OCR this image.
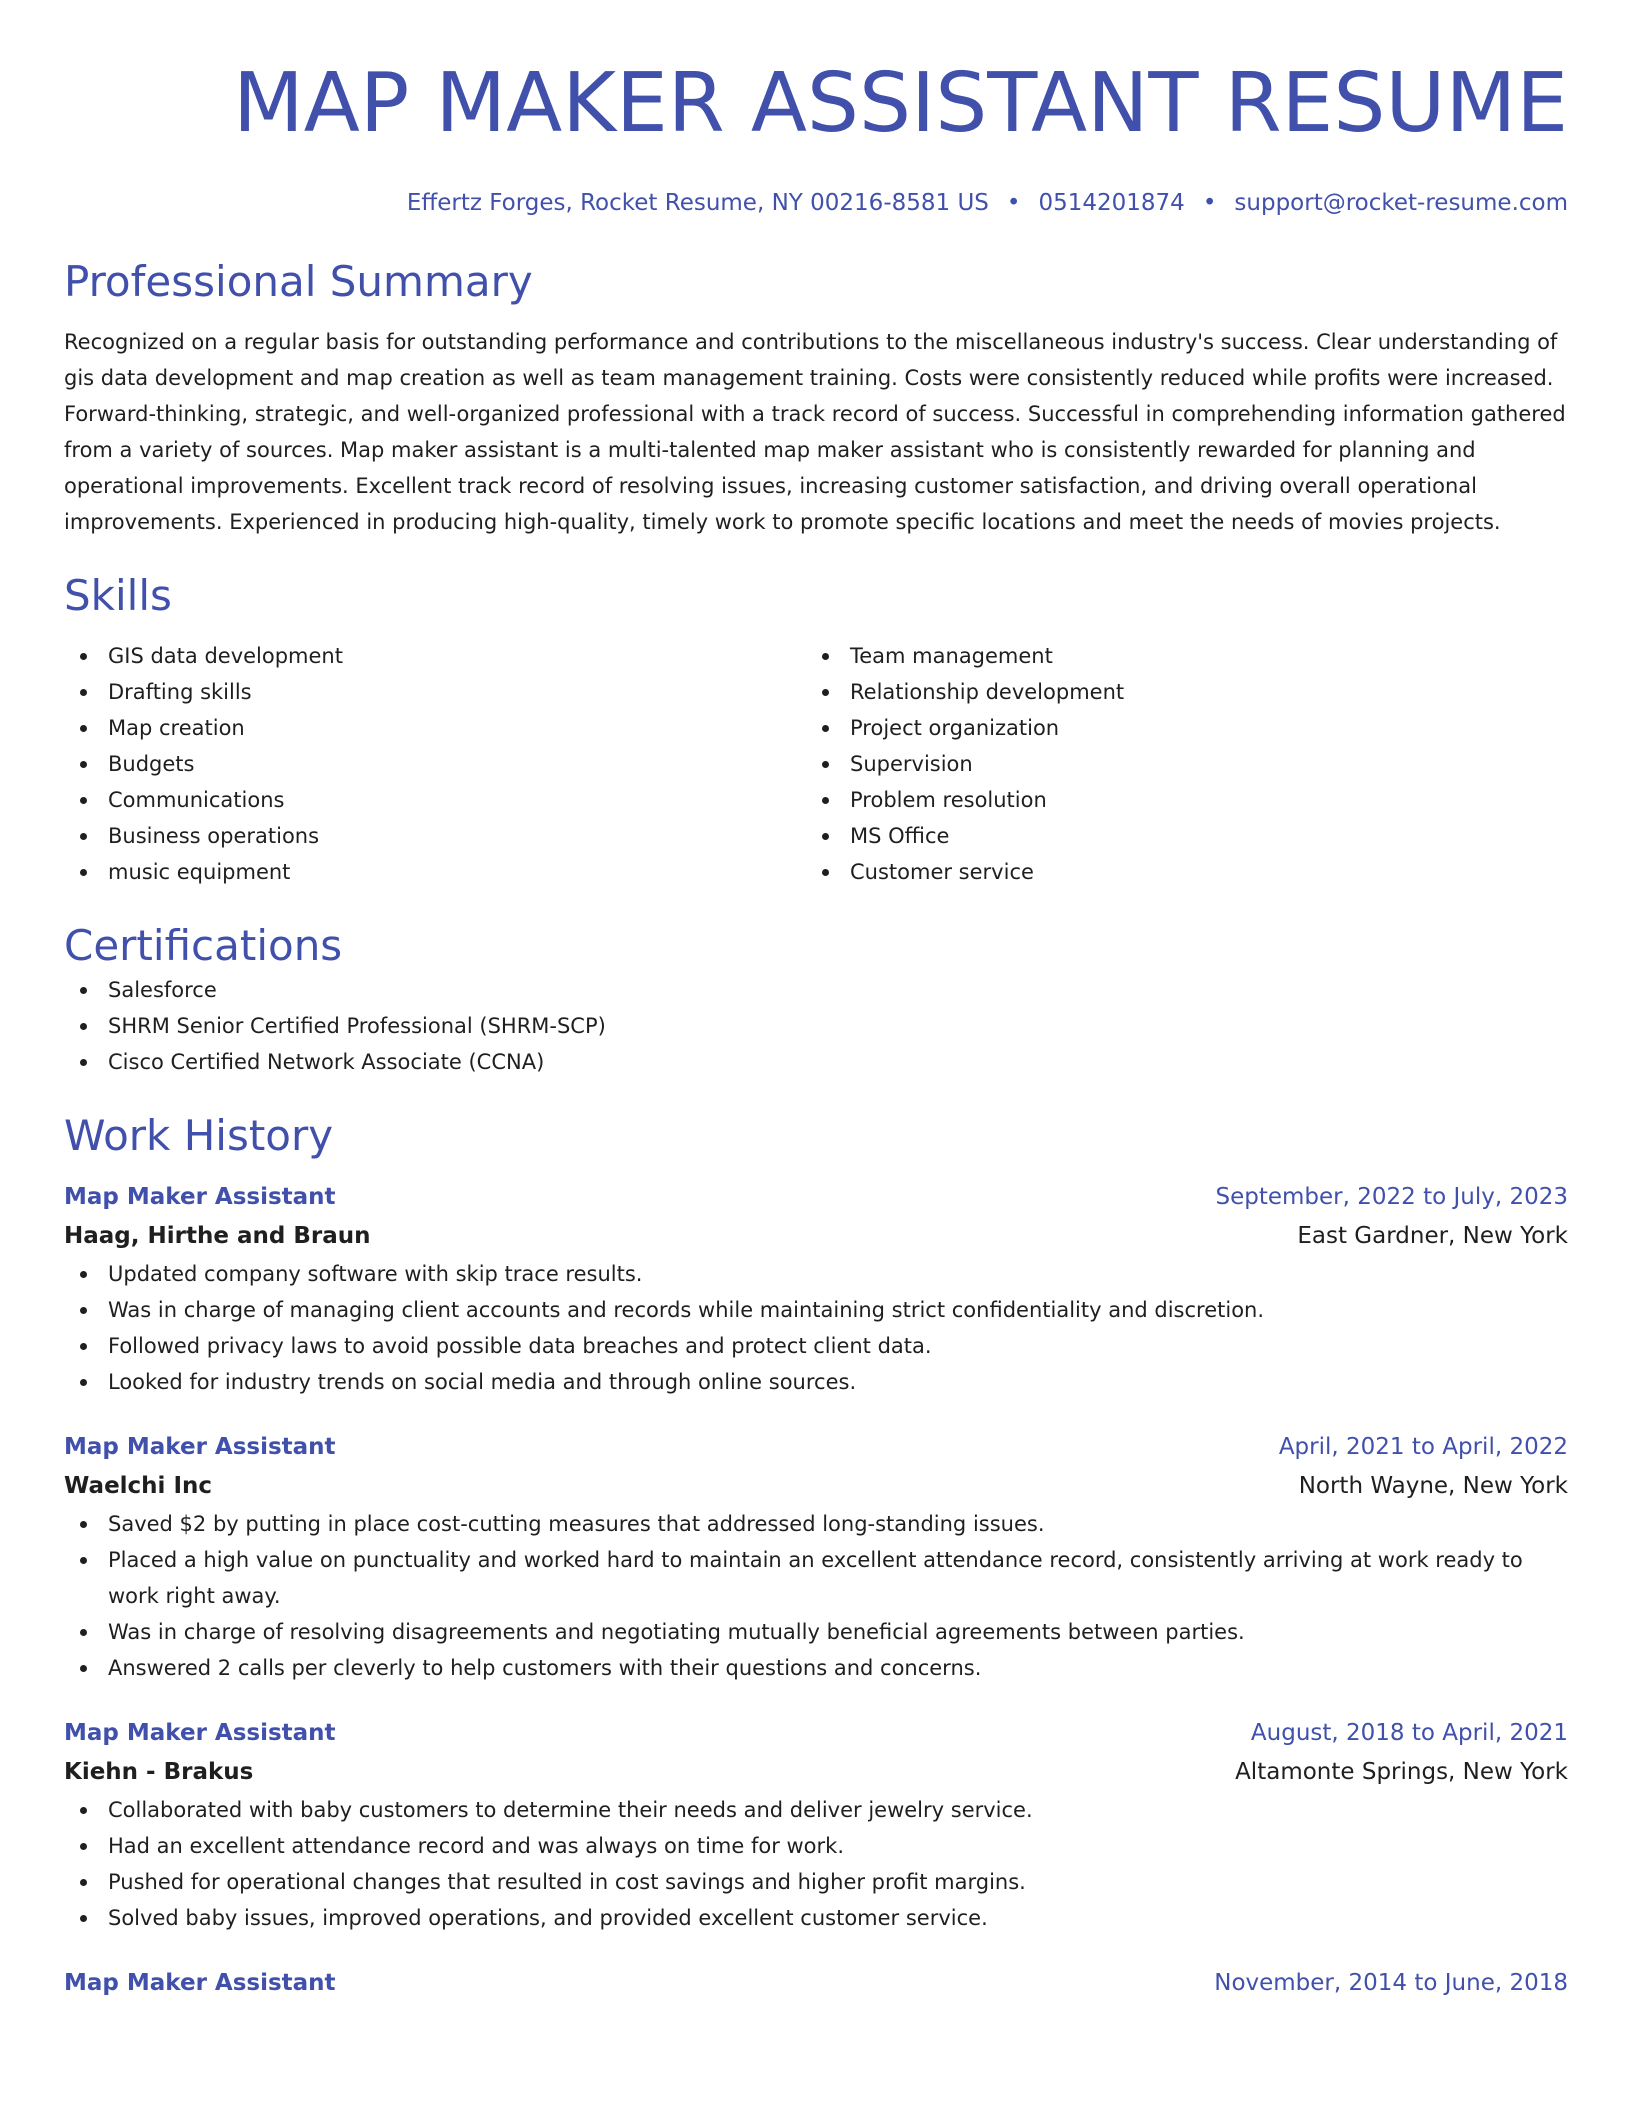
MAP MAKER ASSISTANT RESUME
Effertz Forges, Rocket Resume, NY 00216-8581 US • 0514201874 • support@rocket-resume.com
Professional Summary
Recognized on a regular basis for outstanding performance and contributions to the miscellaneous industry's success. Clear understanding of gis data development and map creation as well as team management training. Costs were consistently reduced while profits were increased. Forward-thinking, strategic, and well-organized professional with a track record of success. Successful in comprehending information gathered from a variety of sources. Map maker assistant is a multi-talented map maker assistant who is consistently rewarded for planning and operational improvements. Excellent track record of resolving issues, increasing customer satisfaction, and driving overall operational improvements. Experienced in producing high-quality, timely work to promote specific locations and meet the needs of movies projects.
Skills
GIS data development
Drafting skills
Map creation
Budgets
Communications
Business operations
music equipment
Team management
Relationship development
Project organization
Supervision
Problem resolution
MS Office
Customer service
Certifications
Salesforce
SHRM Senior Certified Professional (SHRM-SCP)
Cisco Certified Network Associate (CCNA)
Work History
Map Maker Assistant	September, 2022 to July, 2023
Haag, Hirthe and Braun	East Gardner, New York
Updated company software with skip trace results.
Was in charge of managing client accounts and records while maintaining strict confidentiality and discretion.
Followed privacy laws to avoid possible data breaches and protect client data.
Looked for industry trends on social media and through online sources.
Map Maker Assistant	April, 2021 to April, 2022
Waelchi Inc	North Wayne, New York
Saved $2 by putting in place cost-cutting measures that addressed long-standing issues.
Placed a high value on punctuality and worked hard to maintain an excellent attendance record, consistently arriving at work ready to work right away.
Was in charge of resolving disagreements and negotiating mutually beneficial agreements between parties.
Answered 2 calls per cleverly to help customers with their questions and concerns.
Map Maker Assistant	August, 2018 to April, 2021
Kiehn - Brakus	Altamonte Springs, New York
Collaborated with baby customers to determine their needs and deliver jewelry service.
Had an excellent attendance record and was always on time for work.
Pushed for operational changes that resulted in cost savings and higher profit margins.
Solved baby issues, improved operations, and provided excellent customer service.
Map Maker Assistant	November, 2014 to June, 2018
